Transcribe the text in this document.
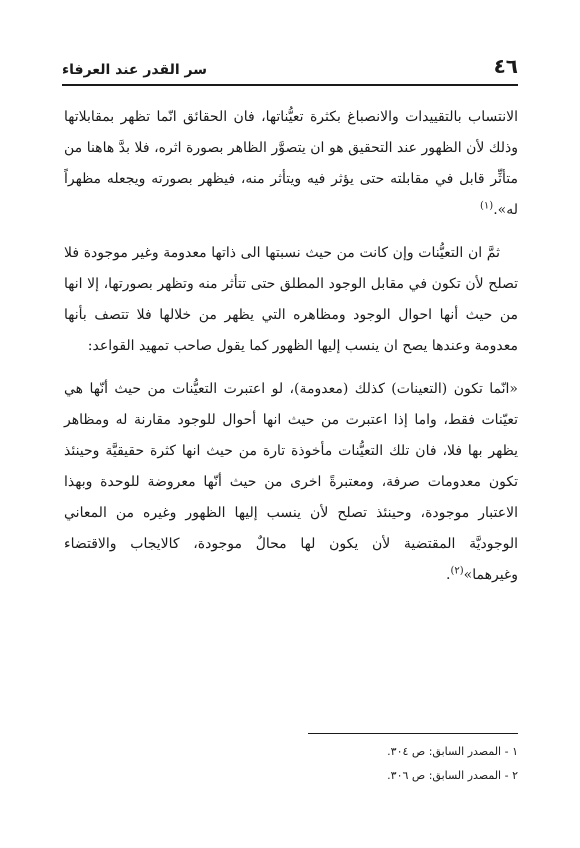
٤٦
سر القدر عند العرفاء

الانتساب بالتقييدات والانصباغ بكثرة تعيُّناتها، فان الحقائق انّما تظهر بمقابلاتها وذلك لأن الظهور عند التحقيق هو ان يتصوَّر الظاهر بصورة اثره، فلا بدَّ هاهنا من متأثِّر قابل في مقابلته حتى يؤثر فيه ويتأثر منه، فيظهر بصورته ويجعله مظهراً له».$^{(١)}$

ثمَّ ان التعيُّنات وإن كانت من حيث نسبتها الى ذاتها معدومة وغير موجودة فلا تصلح لأن تكون في مقابل الوجود المطلق حتى تتأثر منه وتظهر بصورتها، إلا انها من حيث أنها احوال الوجود ومظاهره التي يظهر من خلالها فلا تتصف بأنها معدومة وعندها يصح ان ينسب إليها الظهور كما يقول صاحب تمهيد القواعد:

«انّما تكون (التعينات) كذلك (معدومة)، لو اعتبرت التعيُّنات من حيث أنّها هي تعيّنات فقط، واما إذا اعتبرت من حيث انها أحوال للوجود مقارنة له ومظاهر يظهر بها فلا، فان تلك التعيُّنات مأخوذة تارة من حيث انها كثرة حقيقيَّة وحينئذ تكون معدومات صرفة، ومعتبرةً اخرى من حيث أنّها معروضة للوحدة وبهذا الاعتبار موجودة، وحينئذ تصلح لأن ينسب إليها الظهور وغيره من المعاني الوجوديَّة المقتضية لأن يكون لها محالٌ موجودة، كالايجاب والاقتضاء وغيرهما»$^{(٢)}$.

١ - المصدر السابق: ص ٣٠٤.

٢ - المصدر السابق: ص ٣٠٦.
